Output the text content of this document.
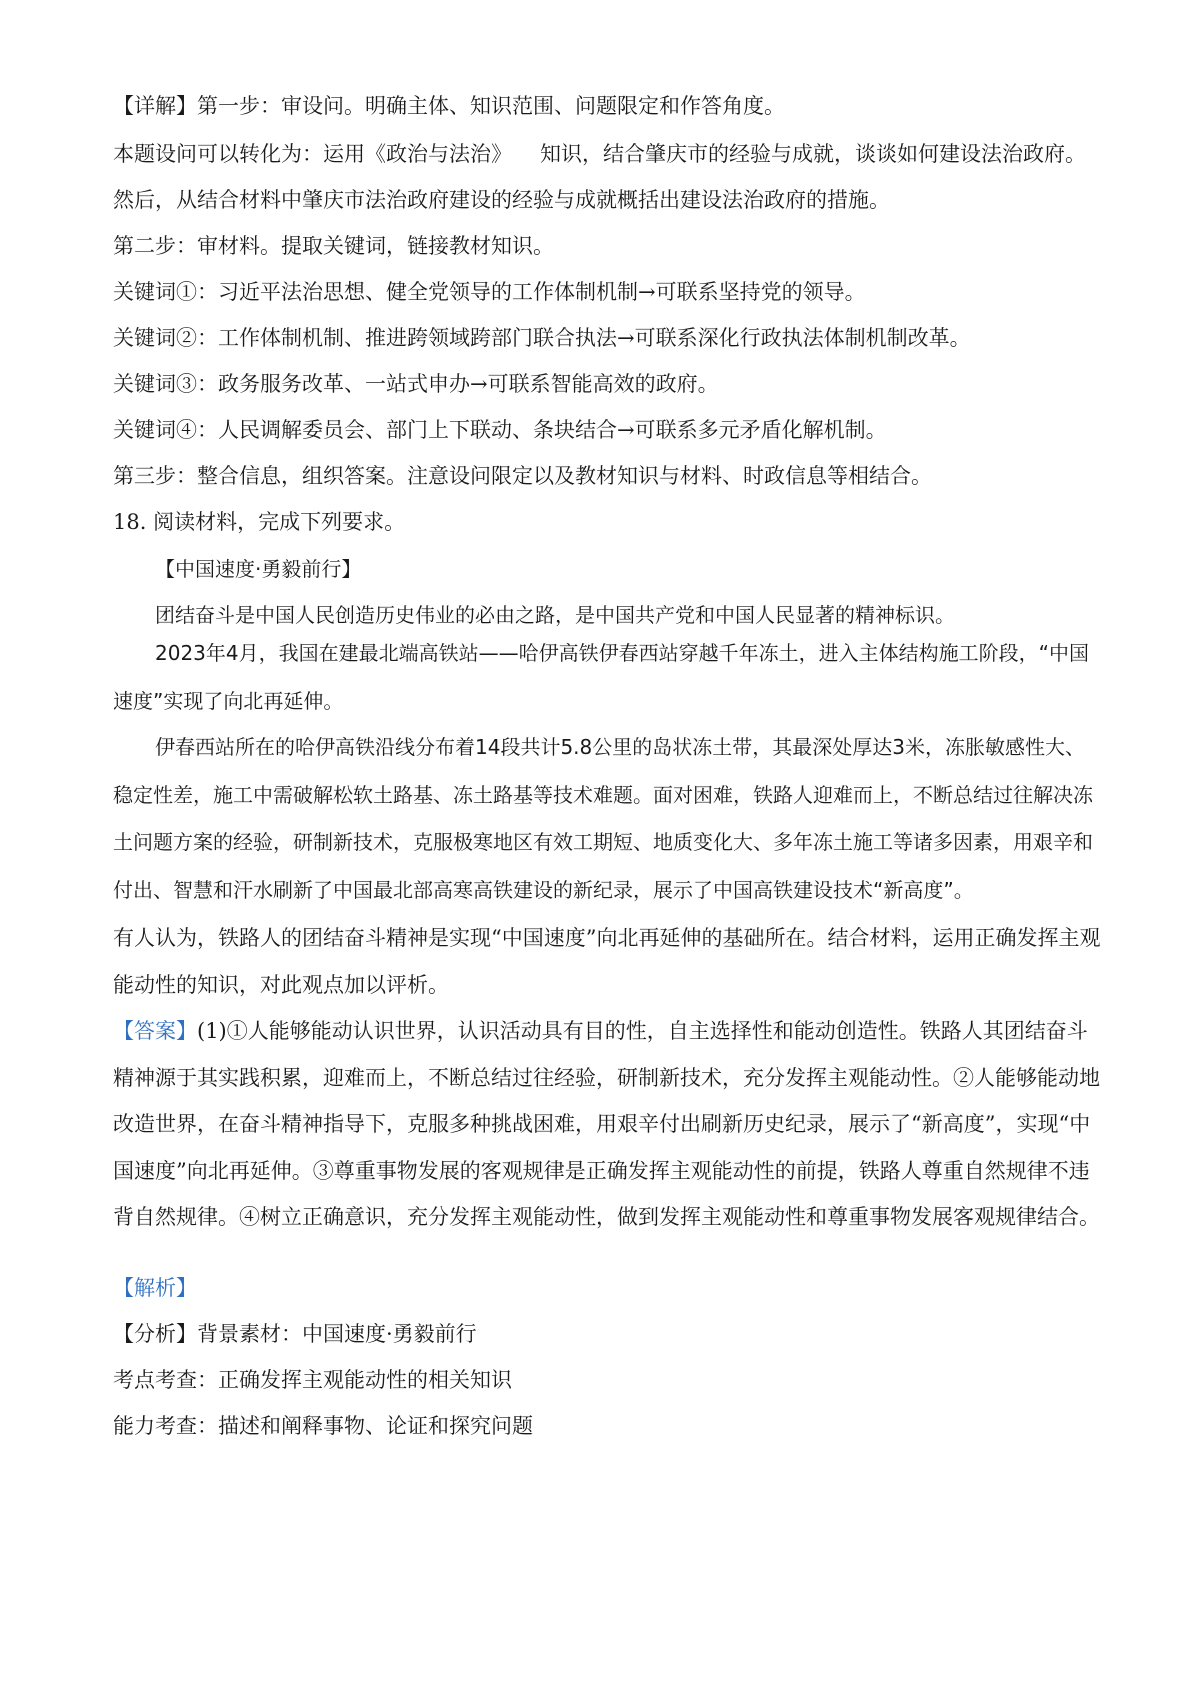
【详解】第一步：审设问。明确主体、知识范围、问题限定和作答角度。
本题设问可以转化为：运用《政治与法治》 知识，结合肇庆市的经验与成就，谈谈如何建设法治政府。
然后，从结合材料中肇庆市法治政府建设的经验与成就概括出建设法治政府的措施。
第二步：审材料。提取关键词，链接教材知识。
关键词①：习近平法治思想、健全党领导的工作体制机制→可联系坚持党的领导。
关键词②：工作体制机制、推进跨领域跨部门联合执法→可联系深化行政执法体制机制改革。
关键词③：政务服务改革、一站式申办→可联系智能高效的政府。
关键词④：人民调解委员会、部门上下联动、条块结合→可联系多元矛盾化解机制。
第三步：整合信息，组织答案。注意设问限定以及教材知识与材料、时政信息等相结合。
18. 阅读材料，完成下列要求。
【中国速度·勇毅前行】
团结奋斗是中国人民创造历史伟业的必由之路，是中国共产党和中国人民显著的精神标识。
2023年4月，我国在建最北端高铁站——哈伊高铁伊春西站穿越千年冻土，进入主体结构施工阶段，“中国速度”实现了向北再延伸。
伊春西站所在的哈伊高铁沿线分布着14段共计5.8公里的岛状冻土带，其最深处厚达3米，冻胀敏感性大、稳定性差，施工中需破解松软土路基、冻土路基等技术难题。面对困难，铁路人迎难而上，不断总结过往解决冻土问题方案的经验，研制新技术，克服极寒地区有效工期短、地质变化大、多年冻土施工等诸多因素，用艰辛和付出、智慧和汗水刷新了中国最北部高寒高铁建设的新纪录，展示了中国高铁建设技术“新高度”。
有人认为，铁路人的团结奋斗精神是实现“中国速度”向北再延伸的基础所在。结合材料，运用正确发挥主观能动性的知识，对此观点加以评析。
【答案】(1)①人能够能动认识世界，认识活动具有目的性，自主选择性和能动创造性。铁路人其团结奋斗精神源于其实践积累，迎难而上，不断总结过往经验，研制新技术，充分发挥主观能动性。②人能够能动地改造世界，在奋斗精神指导下，克服多种挑战困难，用艰辛付出刷新历史纪录，展示了“新高度”，实现“中国速度”向北再延伸。③尊重事物发展的客观规律是正确发挥主观能动性的前提，铁路人尊重自然规律不违背自然规律。④树立正确意识，充分发挥主观能动性，做到发挥主观能动性和尊重事物发展客观规律结合。
【解析】
【分析】背景素材：中国速度·勇毅前行
考点考查：正确发挥主观能动性的相关知识
能力考查：描述和阐释事物、论证和探究问题
